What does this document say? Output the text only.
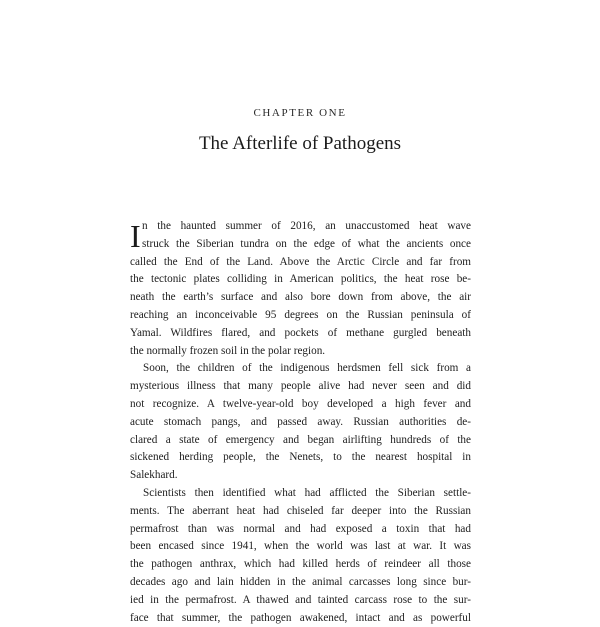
CHAPTER ONE
The Afterlife of Pathogens
I n the haunted summer of 2016, an unaccustomed heat wave
struck the Siberian tundra on the edge of what the ancients once
called the End of the Land. Above the Arctic Circle and far from
the tectonic plates colliding in American politics, the heat rose be-
neath the earth’s surface and also bore down from above, the air
reaching an inconceivable 95 degrees on the Russian peninsula of
Yamal. Wildfires flared, and pockets of methane gurgled beneath
the normally frozen soil in the polar region.
Soon, the children of the indigenous herdsmen fell sick from a
mysterious illness that many people alive had never seen and did
not recognize. A twelve-year-old boy developed a high fever and
acute stomach pangs, and passed away. Russian authorities de-
clared a state of emergency and began airlifting hundreds of the
sickened herding people, the Nenets, to the nearest hospital in
Salekhard.
Scientists then identified what had afflicted the Siberian settle-
ments. The aberrant heat had chiseled far deeper into the Russian
permafrost than was normal and had exposed a toxin that had
been encased since 1941, when the world was last at war. It was
the pathogen anthrax, which had killed herds of reindeer all those
decades ago and lain hidden in the animal carcasses long since bur-
ied in the permafrost. A thawed and tainted carcass rose to the sur-
face that summer, the pathogen awakened, intact and as powerful
